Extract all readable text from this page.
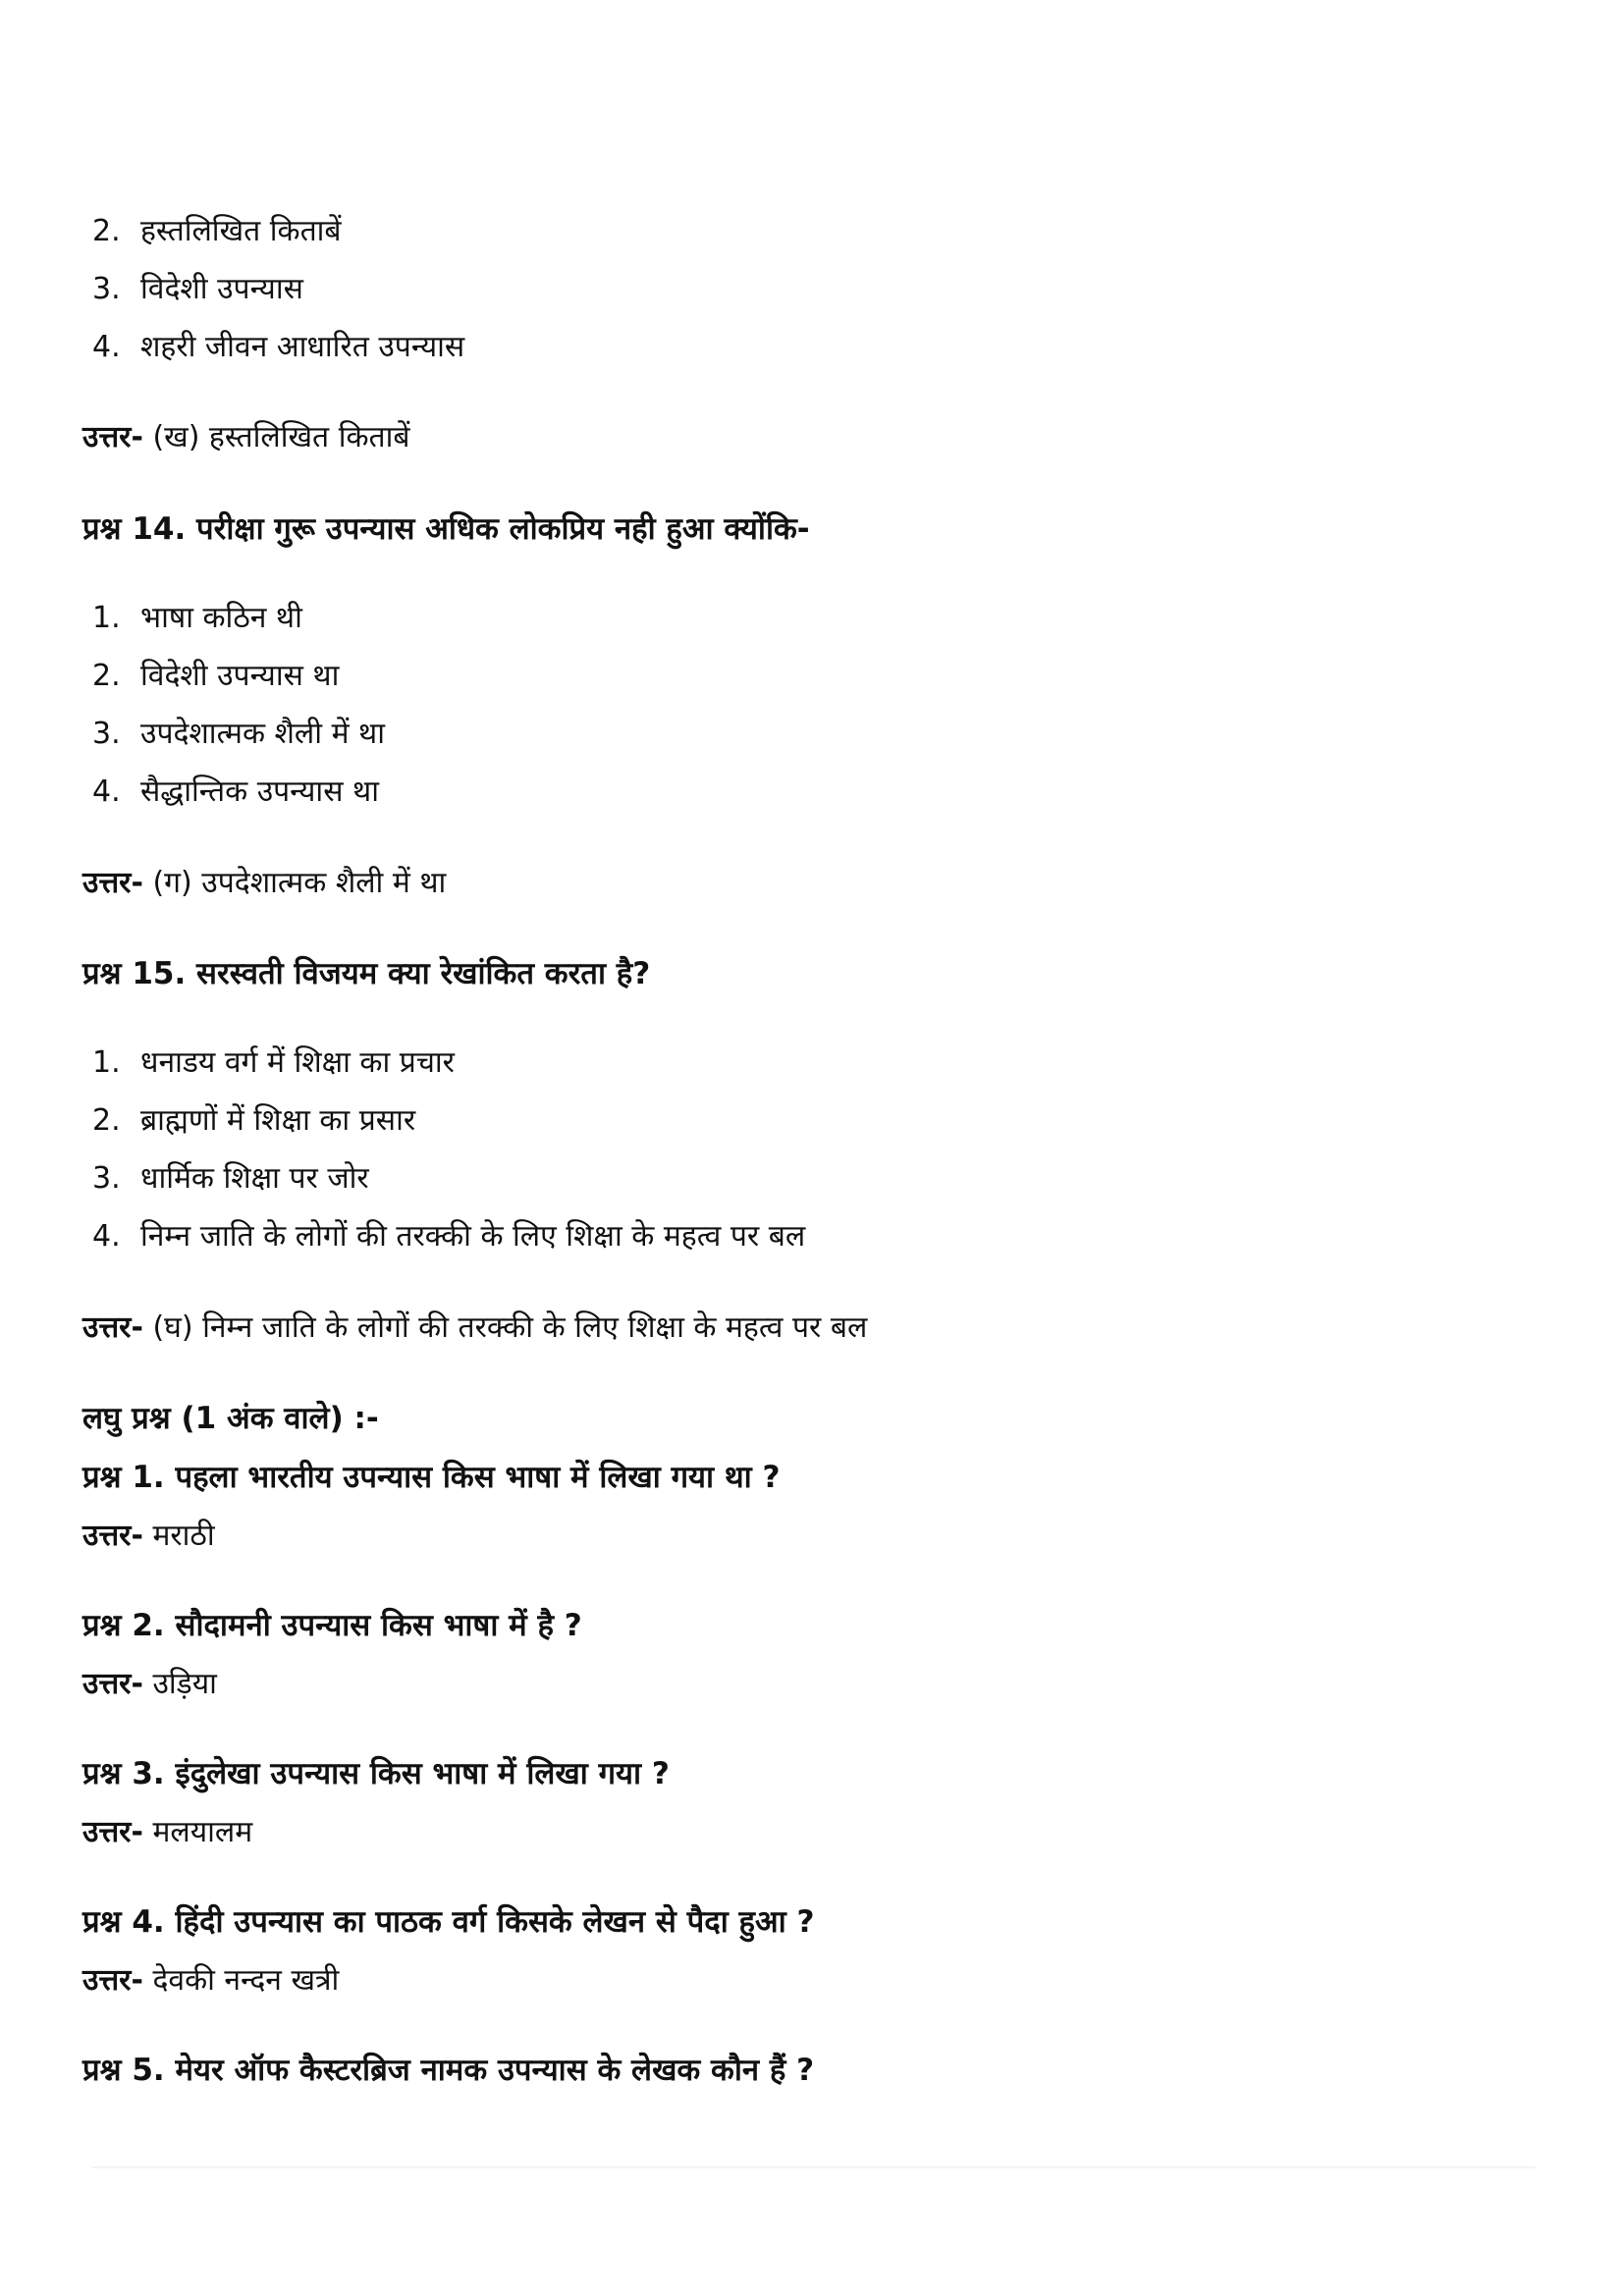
2. हस्तलिखित किताबें
3. विदेशी उपन्यास
4. शहरी जीवन आधारित उपन्यास
उत्तर- (ख) हस्तलिखित किताबें
प्रश्न 14. परीक्षा गुरू उपन्यास अधिक लोकप्रिय नही हुआ क्योंकि-
1. भाषा कठिन थी
2. विदेशी उपन्यास था
3. उपदेशात्मक शैली में था
4. सैद्धान्तिक उपन्यास था
उत्तर- (ग) उपदेशात्मक शैली में था
प्रश्न 15. सरस्वती विजयम क्या रेखांकित करता है?
1. धनाडय वर्ग में शिक्षा का प्रचार
2. ब्राह्मणों में शिक्षा का प्रसार
3. धार्मिक शिक्षा पर जोर
4. निम्न जाति के लोगों की तरक्की के लिए शिक्षा के महत्व पर बल
उत्तर- (घ) निम्न जाति के लोगों की तरक्की के लिए शिक्षा के महत्व पर बल
लघु प्रश्न (1 अंक वाले) :-
प्रश्न 1. पहला भारतीय उपन्यास किस भाषा में लिखा गया था ?
उत्तर- मराठी
प्रश्न 2. सौदामनी उपन्यास किस भाषा में है ?
उत्तर- उड़िया
प्रश्न 3. इंदुलेखा उपन्यास किस भाषा में लिखा गया ?
उत्तर- मलयालम
प्रश्न 4. हिंदी उपन्यास का पाठक वर्ग किसके लेखन से पैदा हुआ ?
उत्तर- देवकी नन्दन खत्री
प्रश्न 5. मेयर ऑफ कैस्टरब्रिज नामक उपन्यास के लेखक कौन हैं ?
